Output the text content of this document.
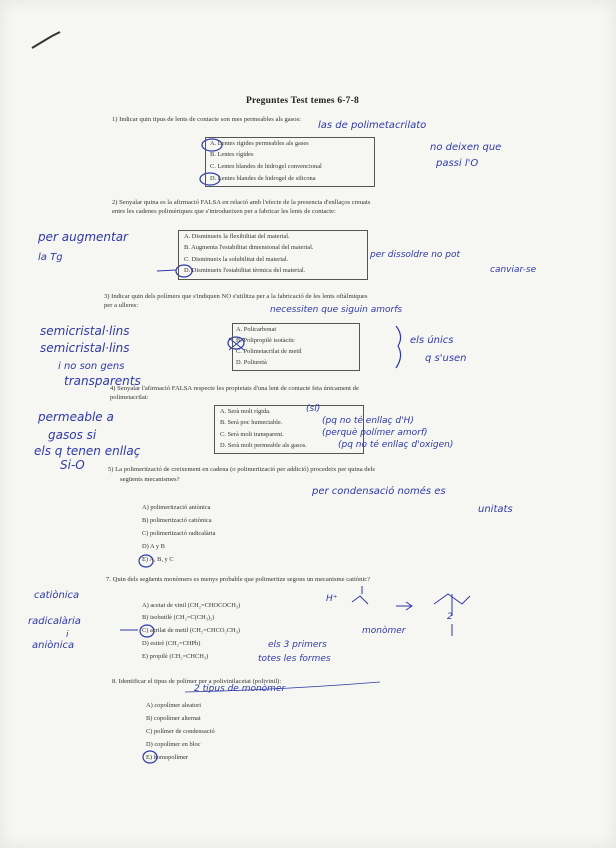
Preguntes Test temes 6-7-8
1) Indicar quin tipus de lents de contacte son mes permeables als gasos:
A. Lentes rígides permeables als gases
B. Lentes rígides
C. Lentes blandes de hidrogel convencional
D. Lentes blandes de hidrogel de silicona
las de polimetacrilato
no deixen que
passi l'O
2) Senyalar quina es la afirmació FALSA en relació amb l'efecte de la presencia d'enllaços creuats
entre les cadenes polimèriques que s'introdueixen per a fabricar les lents de contacte:
A. Disminueix la flexibilitat del material.
B. Augmenta l'estabilitat dimensional del material.
C. Disminueix la solubilitat del material.
D. Disminueix l'estabilitat tèrmica del material.
per augmentar
la Tg	per dissoldre no pot
canviar-se
3) Indicar quin dels polímers que s'indiquen NO s'utilitza per a la fabricació de les lents oftàlmiques
per a ulleres:
A. Policarbonat
B. Polipropilè isotàctic
C. Polimetacrilat de metil
D. Poliuretà
necessiten que siguin amorfs
semicristal·lins
semicristal·lins
i no son gens
transparents
els únics
q s'usen
4) Senyalar l'afirmació FALSA respecte les propietats d'una lent de contacte feta únicament de
polimetacrilat:
A. Serà molt rígida.
B. Serà poc humectable.
C. Serà molt transparent.
D. Serà molt permeable als gasos.
(sí)
(pq no té enllaç d'H)
(perquè polímer amorf)
(pq no té enllaç d'oxigen)
permeable a
gasos si
els q tenen enllaç
Si-O	5) La polimerització de creixement en cadena (o polimerització per addició) procedeix per quina dels
següents mecanismes?
A) polimerització aniònica
B) polimerització catiònica
C) polimerització radicalària
D) A y B
E) A, B, y C
per condensació només es
unitats
7. Quin dels següents monòmers es menys probable que polimeritze segons un mecanisme catiònic?
A) acetat de vinil (CH₂=CHOCOCH₃)
B) isobutilè (CH₂=C(CH₃)₂)
C) acrilat de metil (CH₂=CHCO₂CH₃)
D) estirè (CH₂=CHPh)
E) propilè (CH₂=CHCH₃)
catiònica
radicalària
i
aniònica	els 3 primers
totes les formes
H⁺
monòmer
2
8. Identificar el tipus de polímer per a polivinilacetat (polivinil):
A) copolímer aleatori
B) copolímer alternat
C) polímer de condensació
D) copolímer en bloc
E) homopolímer
2 tipus de monòmer
